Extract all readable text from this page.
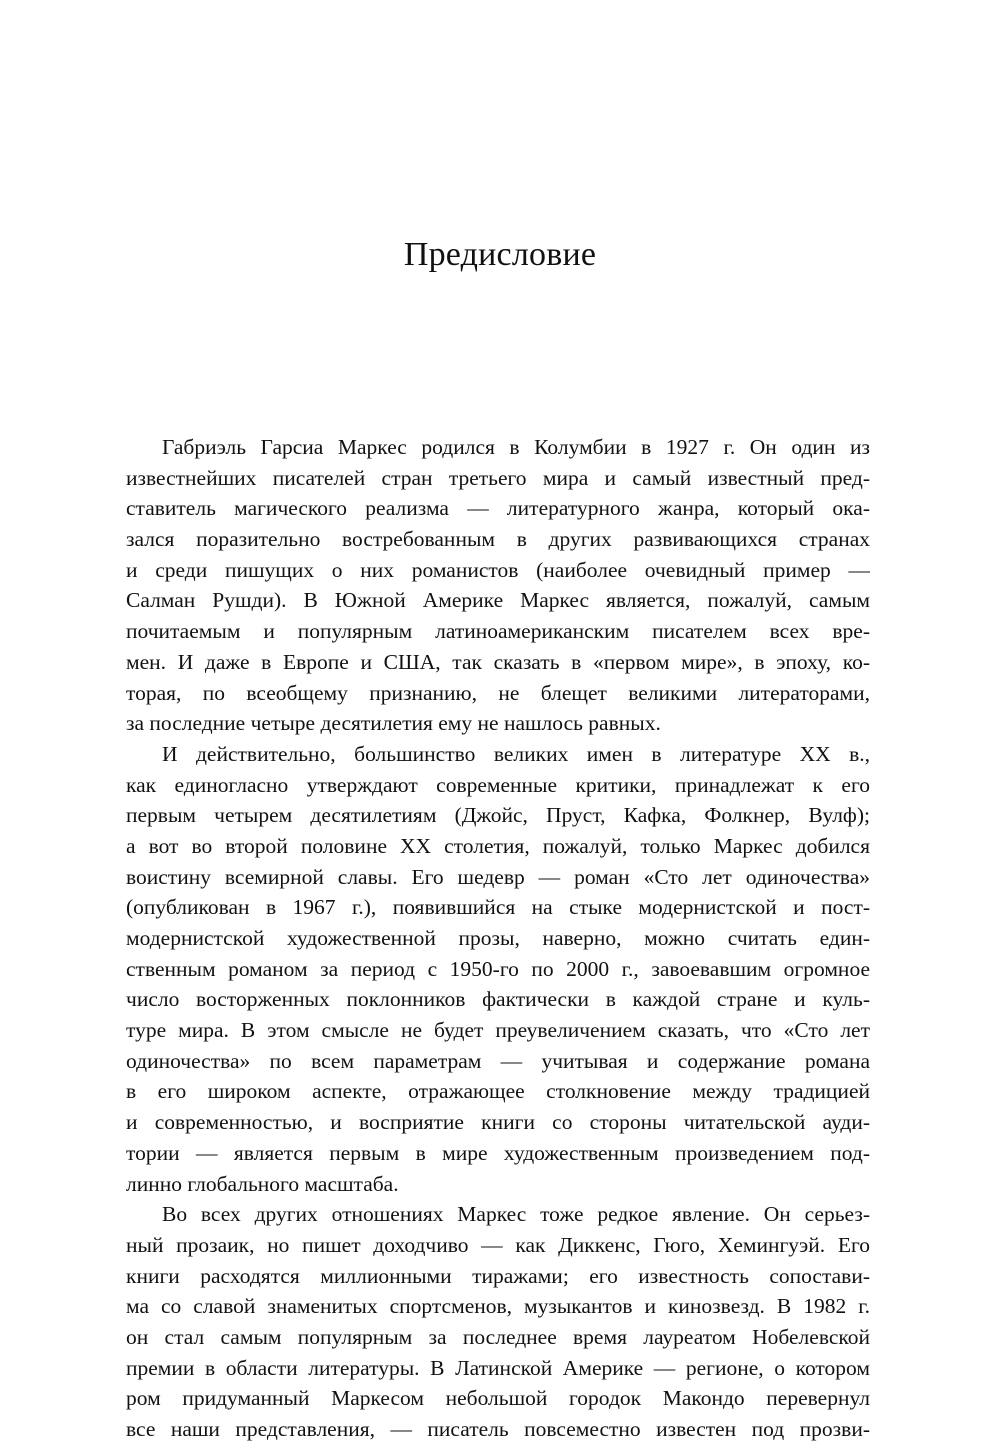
Предисловие
Габриэль Гарсиа Маркес родился в Колумбии в 1927 г. Он один из
известнейших писателей стран третьего мира и самый известный пред-
ставитель магического реализма — литературного жанра, который ока-
зался поразительно востребованным в других развивающихся странах
и среди пишущих о них романистов (наиболее очевидный пример —
Салман Рушди). В Южной Америке Маркес является, пожалуй, самым
почитаемым и популярным латиноамериканским писателем всех вре-
мен. И даже в Европе и США, так сказать в «первом мире», в эпоху, ко-
торая, по всеобщему признанию, не блещет великими литераторами,
за последние четыре десятилетия ему не нашлось равных.
И действительно, большинство великих имен в литературе XX в.,
как единогласно утверждают современные критики, принадлежат к его
первым четырем десятилетиям (Джойс, Пруст, Кафка, Фолкнер, Вулф);
а вот во второй половине XX столетия, пожалуй, только Маркес добился
воистину всемирной славы. Его шедевр — роман «Сто лет одиночества»
(опубликован в 1967 г.), появившийся на стыке модернистской и пост-
модернистской художественной прозы, наверно, можно считать един-
ственным романом за период с 1950-го по 2000 г., завоевавшим огромное
число восторженных поклонников фактически в каждой стране и куль-
туре мира. В этом смысле не будет преувеличением сказать, что «Сто лет
одиночества» по всем параметрам — учитывая и содержание романа
в его широком аспекте, отражающее столкновение между традицией
и современностью, и восприятие книги со стороны читательской ауди-
тории — является первым в мире художественным произведением под-
линно глобального масштаба.
Во всех других отношениях Маркес тоже редкое явление. Он серьез-
ный прозаик, но пишет доходчиво — как Диккенс, Гюго, Хемингуэй. Его
книги расходятся миллионными тиражами; его известность сопостави-
ма со славой знаменитых спортсменов, музыкантов и кинозвезд. В 1982 г.
он стал самым популярным за последнее время лауреатом Нобелевской
премии в области литературы. В Латинской Америке — регионе, о котором
ром придуманный Маркесом небольшой городок Макондо перевернул
все наши представления, — писатель повсеместно известен под прозви-
